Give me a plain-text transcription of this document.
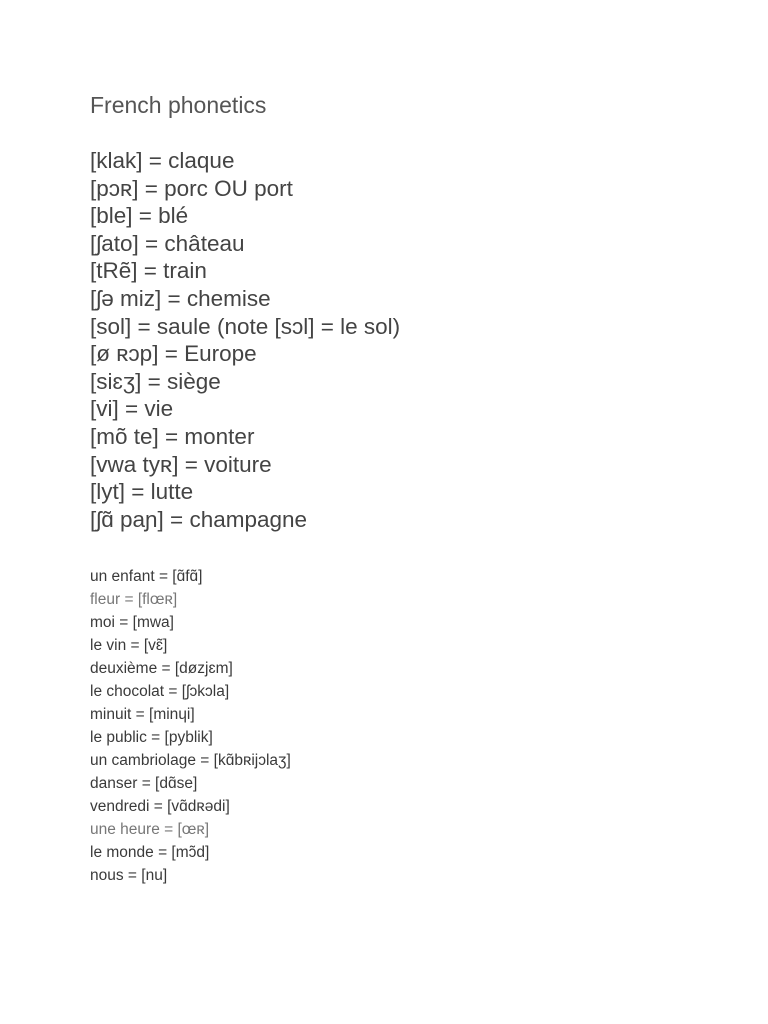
French phonetics
[klak] = claque
[pɔʀ] = porc OU port
[ble] = blé
[ʃato] = château
[tRẽ] = train
[ʃə miz] = chemise
[sol] = saule (note [sɔl] = le sol)
[ø ʀɔp] = Europe
[siɛʒ] = siège
[vi] = vie
[mõ te] = monter
[vwa tyʀ] = voiture
[lyt] = lutte
[ʃɑ̃ paɲ] = champagne
un enfant = [ɑ̃fɑ̃]
fleur = [flœʀ]
moi = [mwa]
le vin = [vɛ̃]
deuxième = [døzjɛm]
le chocolat = [ʃɔkɔla]
minuit = [minɥi]
le public = [pyblik]
un cambriolage = [kɑ̃bʀijɔlaʒ]
danser = [dɑ̃se]
vendredi = [vɑ̃dʀədi]
une heure = [œʀ]
le monde = [mɔ̃d]
nous = [nu]
